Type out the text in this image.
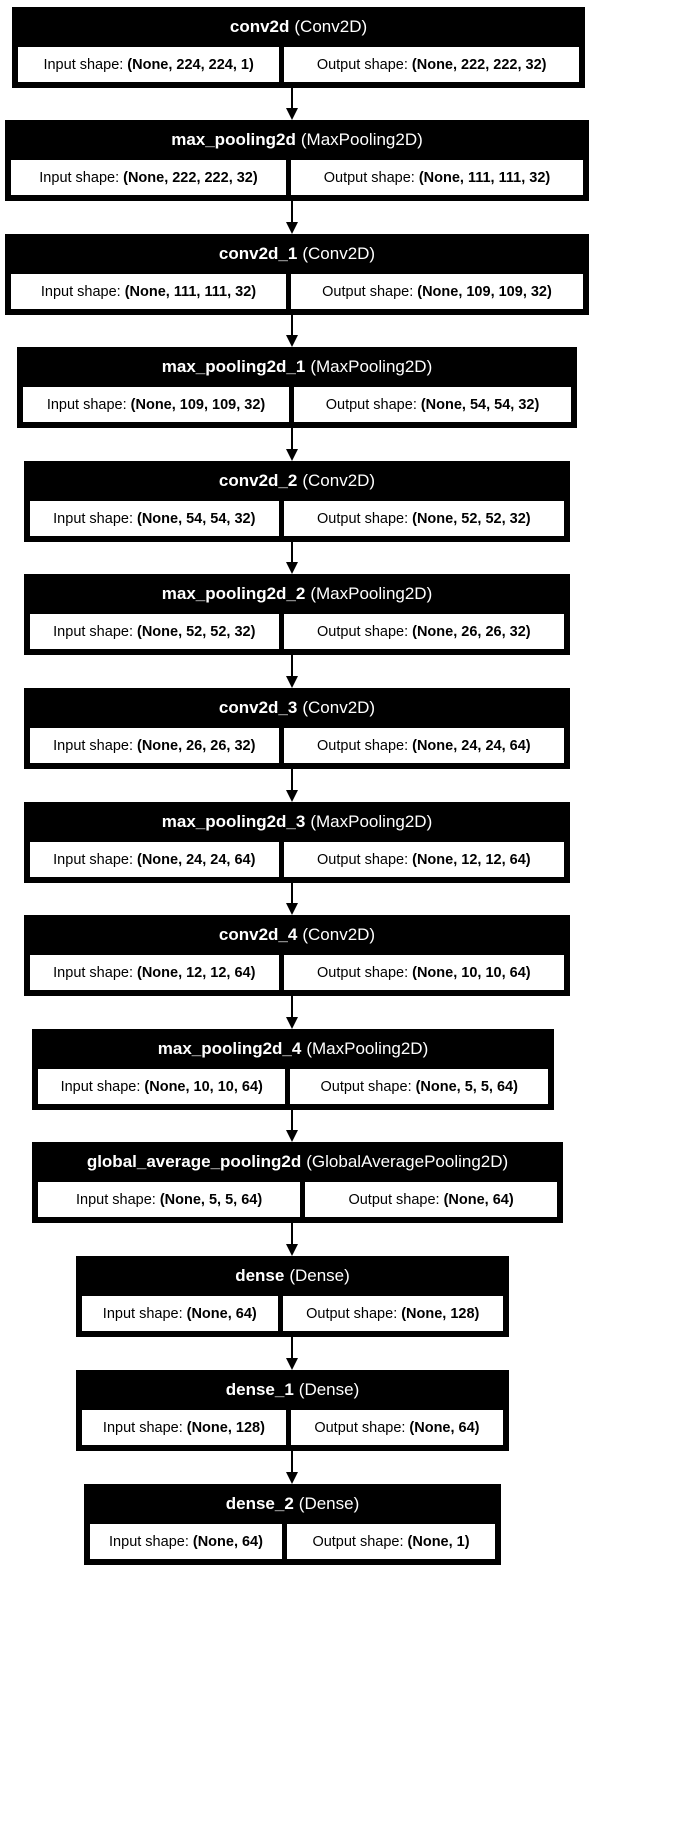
conv2d (Conv2D)
Input shape: (None, 224, 224, 1)	Output shape: (None, 222, 222, 32)
max_pooling2d (MaxPooling2D)
Input shape: (None, 222, 222, 32)	Output shape: (None, 111, 111, 32)
conv2d_1 (Conv2D)
Input shape: (None, 111, 111, 32)	Output shape: (None, 109, 109, 32)
max_pooling2d_1 (MaxPooling2D)
Input shape: (None, 109, 109, 32)	Output shape: (None, 54, 54, 32)
conv2d_2 (Conv2D)
Input shape: (None, 54, 54, 32)	Output shape: (None, 52, 52, 32)
max_pooling2d_2 (MaxPooling2D)
Input shape: (None, 52, 52, 32)	Output shape: (None, 26, 26, 32)
conv2d_3 (Conv2D)
Input shape: (None, 26, 26, 32)	Output shape: (None, 24, 24, 64)
max_pooling2d_3 (MaxPooling2D)
Input shape: (None, 24, 24, 64)	Output shape: (None, 12, 12, 64)
conv2d_4 (Conv2D)
Input shape: (None, 12, 12, 64)	Output shape: (None, 10, 10, 64)
max_pooling2d_4 (MaxPooling2D)
Input shape: (None, 10, 10, 64)	Output shape: (None, 5, 5, 64)
global_average_pooling2d (GlobalAveragePooling2D)
Input shape: (None, 5, 5, 64)	Output shape: (None, 64)
dense (Dense)
Input shape: (None, 64)	Output shape: (None, 128)
dense_1 (Dense)
Input shape: (None, 128)	Output shape: (None, 64)
dense_2 (Dense)
Input shape: (None, 64)	Output shape: (None, 1)
